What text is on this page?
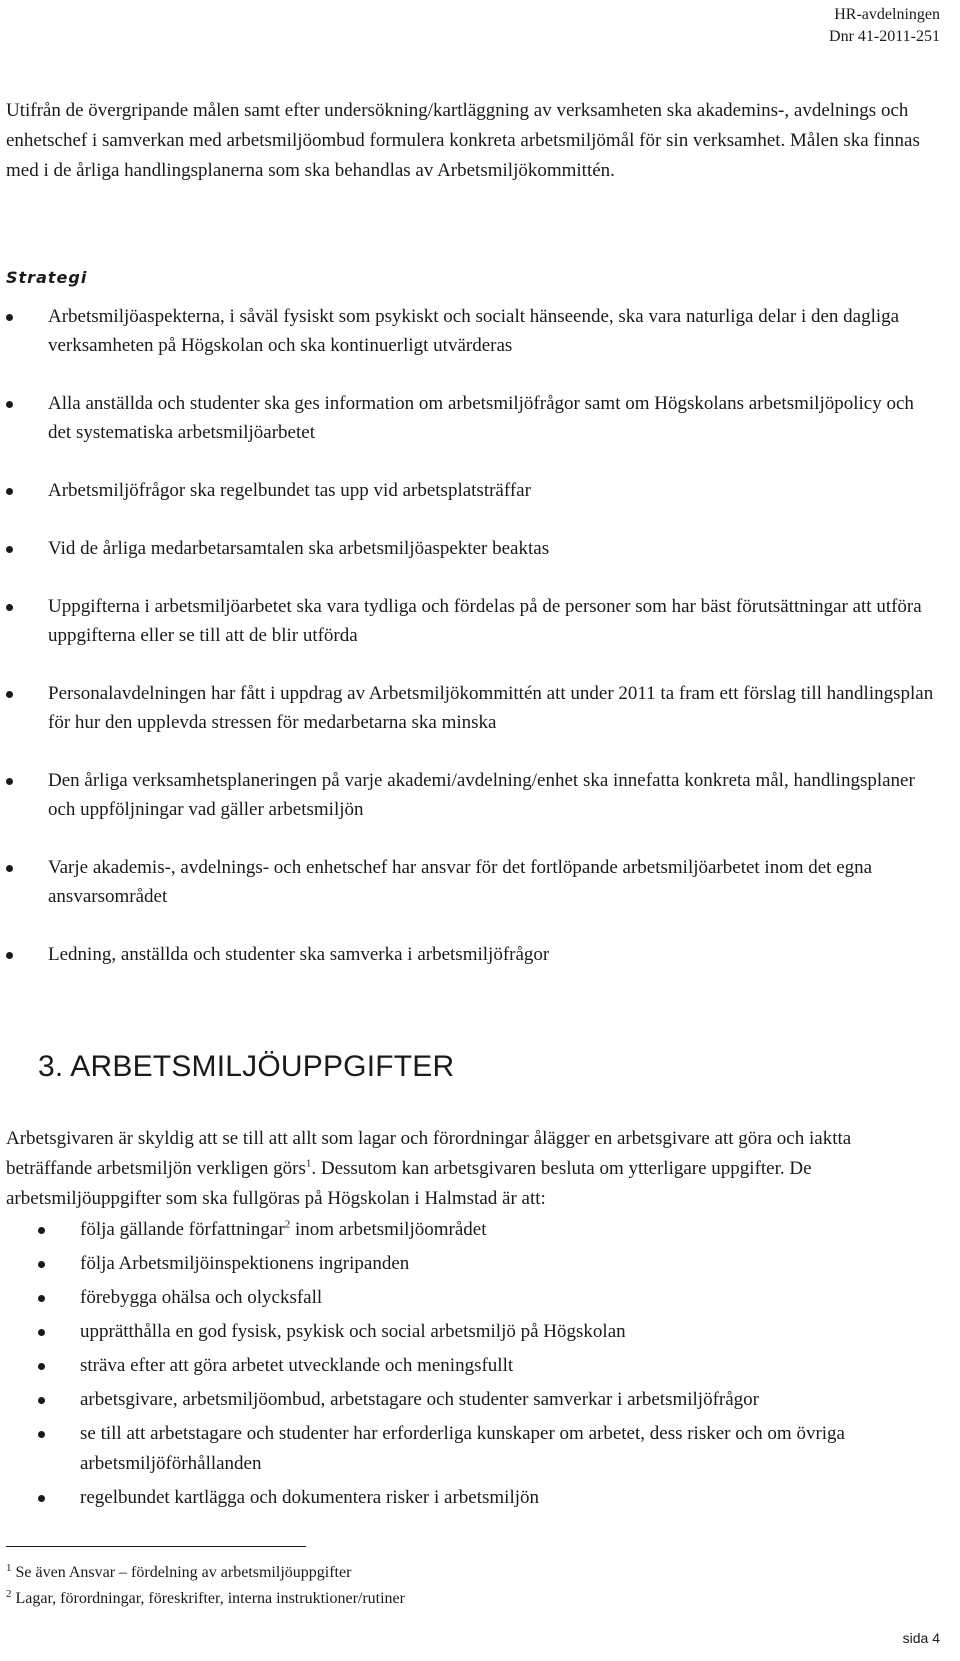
HR-avdelningen
Dnr 41-2011-251

Utifrån de övergripande målen samt efter undersökning/kartläggning av verksamheten ska akademins-, avdelnings och enhetschef i samverkan med arbetsmiljöombud formulera konkreta arbetsmiljömål för sin verksamhet. Målen ska finnas med i de årliga handlingsplanerna som ska behandlas av Arbetsmiljökommittén.

Strategi
Arbetsmiljöaspekterna, i såväl fysiskt som psykiskt och socialt hänseende, ska vara naturliga delar i den dagliga verksamheten på Högskolan och ska kontinuerligt utvärderas
Alla anställda och studenter ska ges information om arbetsmiljöfrågor samt om Högskolans arbetsmiljöpolicy och det systematiska arbetsmiljöarbetet
Arbetsmiljöfrågor ska regelbundet tas upp vid arbetsplatsträffar
Vid de årliga medarbetarsamtalen ska arbetsmiljöaspekter beaktas
Uppgifterna i arbetsmiljöarbetet ska vara tydliga och fördelas på de personer som har bäst förutsättningar att utföra uppgifterna eller se till att de blir utförda
Personalavdelningen har fått i uppdrag av Arbetsmiljökommittén att under 2011 ta fram ett förslag till handlingsplan för hur den upplevda stressen för medarbetarna ska minska
Den årliga verksamhetsplaneringen på varje akademi/avdelning/enhet ska innefatta konkreta mål, handlingsplaner och uppföljningar vad gäller arbetsmiljön
Varje akademis-, avdelnings- och enhetschef har ansvar för det fortlöpande arbetsmiljöarbetet inom det egna ansvarsområdet
Ledning, anställda och studenter ska samverka i arbetsmiljöfrågor
3. ARBETSMILJÖUPPGIFTER

Arbetsgivaren är skyldig att se till att allt som lagar och förordningar ålägger en arbetsgivare att göra och iaktta beträffande arbetsmiljön verkligen görs$^1$. Dessutom kan arbetsgivaren besluta om ytterligare uppgifter. De arbetsmiljöuppgifter som ska fullgöras på Högskolan i Halmstad är att:

följa gällande författningar$^2$ inom arbetsmiljöområdet
följa Arbetsmiljöinspektionens ingripanden
förebygga ohälsa och olycksfall
upprätthålla en god fysisk, psykisk och social arbetsmiljö på Högskolan
sträva efter att göra arbetet utvecklande och meningsfullt
arbetsgivare, arbetsmiljöombud, arbetstagare och studenter samverkar i arbetsmiljöfrågor
se till att arbetstagare och studenter har erforderliga kunskaper om arbetet, dess risker och om övriga arbetsmiljöförhållanden
regelbundet kartlägga och dokumentera risker i arbetsmiljön
$^1$ Se även Ansvar – fördelning av arbetsmiljöuppgifter
$^2$ Lagar, förordningar, föreskrifter, interna instruktioner/rutiner
sida 4
